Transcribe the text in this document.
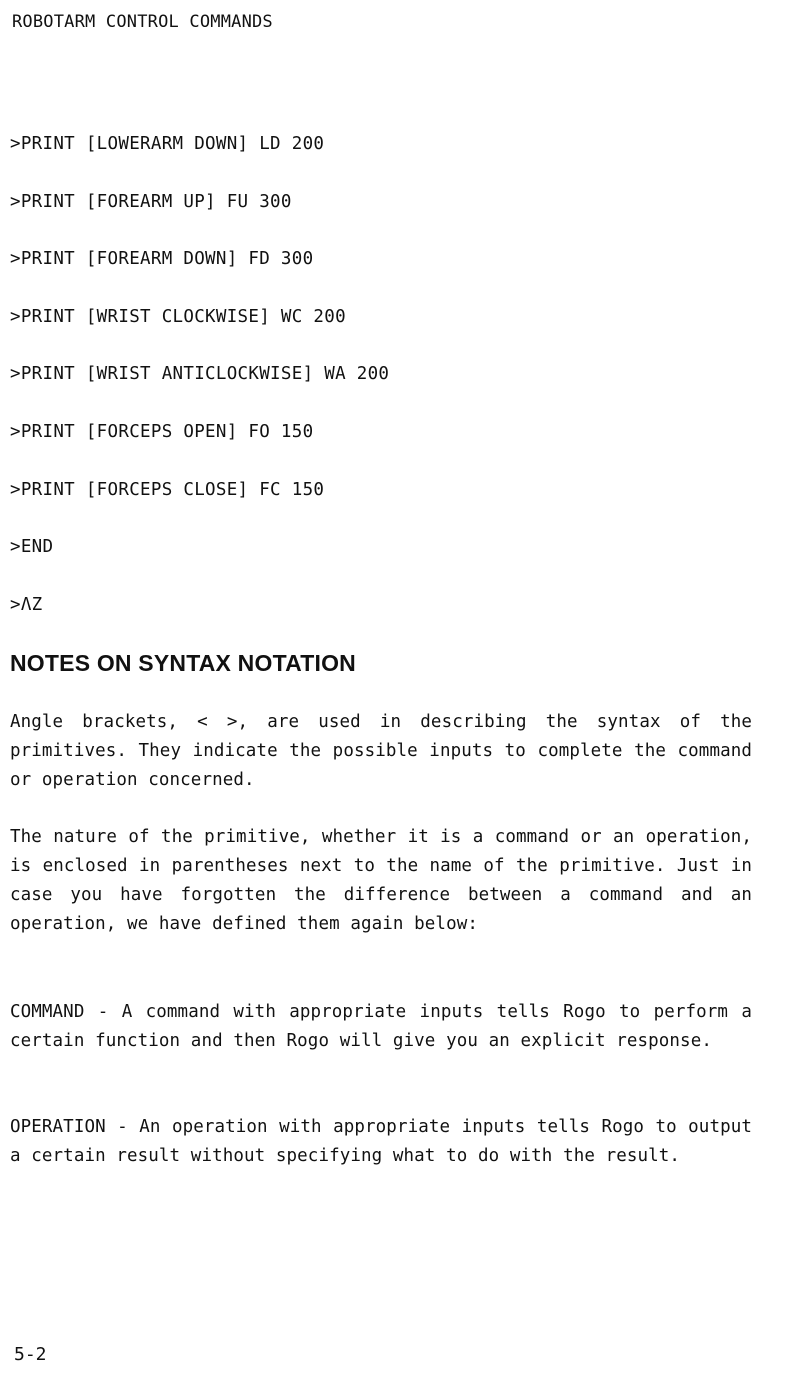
ROBOTARM CONTROL COMMANDS
>PRINT [LOWERARM DOWN] LD 200
>PRINT [FOREARM UP] FU 300
>PRINT [FOREARM DOWN] FD 300
>PRINT [WRIST CLOCKWISE] WC 200
>PRINT [WRIST ANTICLOCKWISE] WA 200
>PRINT [FORCEPS OPEN] FO 150
>PRINT [FORCEPS CLOSE] FC 150
>END
>ΛZ
NOTES ON SYNTAX NOTATION

Angle brackets, < >, are used in describing the syntax of the primitives. They indicate the possible inputs to complete the command or operation concerned.

The nature of the primitive, whether it is a command or an operation, is enclosed in parentheses next to the name of the primitive. Just in case you have forgotten the difference between a command and an operation, we have defined them again below:

COMMAND - A command with appropriate inputs tells Rogo to perform a certain function and then Rogo will give you an explicit response.

OPERATION - An operation with appropriate inputs tells Rogo to output a certain result without specifying what to do with the result.

5-2
